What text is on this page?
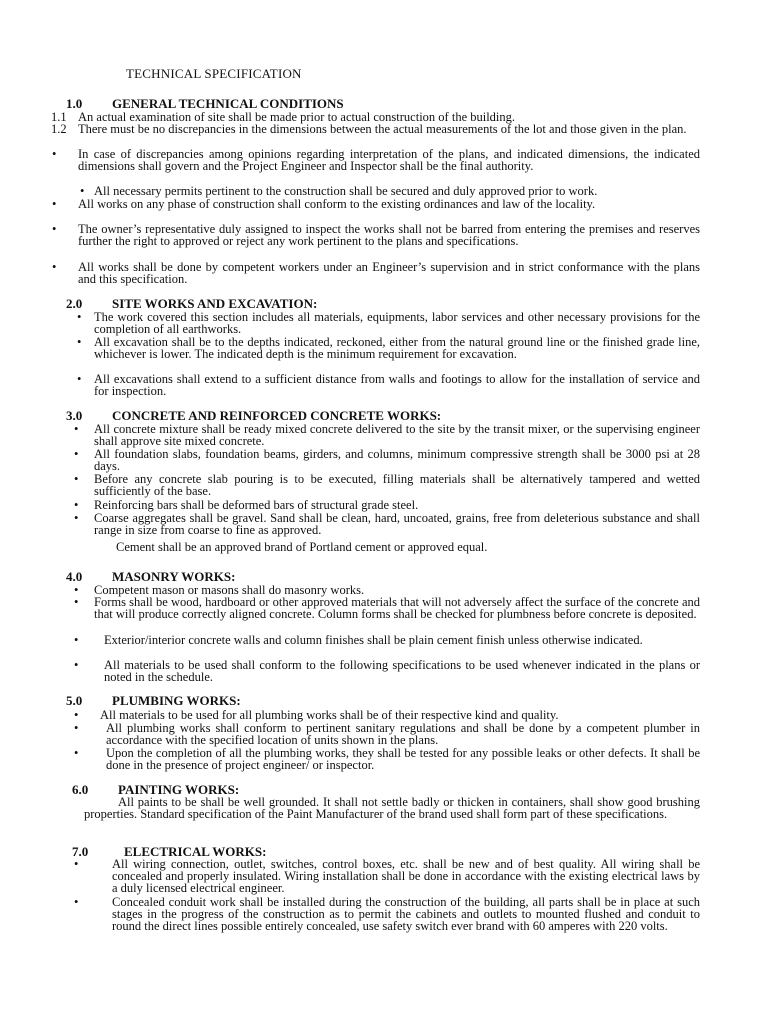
TECHNICAL SPECIFICATION
1.0 GENERAL TECHNICAL CONDITIONS
1.1 An actual examination of site shall be made prior to actual construction of the building.
1.2 There must be no discrepancies in the dimensions between the actual measurements of the lot and those given in the plan.
•	In case of discrepancies among opinions regarding interpretation of the plans, and indicated dimensions, the indicated dimensions shall govern and the Project Engineer and Inspector shall be the final authority.
• All necessary permits pertinent to the construction shall be secured and duly approved prior to work.
•	All works on any phase of construction shall conform to the existing ordinances and law of the locality.
•	The owner’s representative duly assigned to inspect the works shall not be barred from entering the premises and reserves further the right to approved or reject any work pertinent to the plans and specifications.
•	All works shall be done by competent workers under an Engineer’s supervision and in strict conformance with the plans and this specification.
2.0 SITE WORKS AND EXCAVATION:
•	The work covered this section includes all materials, equipments, labor services and other necessary provisions for the completion of all earthworks.
•	All excavation shall be to the depths indicated, reckoned, either from the natural ground line or the finished grade line, whichever is lower. The indicated depth is the minimum requirement for excavation.
•	All excavations shall extend to a sufficient distance from walls and footings to allow for the installation of service and for inspection.
3.0 CONCRETE AND REINFORCED CONCRETE WORKS:
•	All concrete mixture shall be ready mixed concrete delivered to the site by the transit mixer, or the supervising engineer shall approve site mixed concrete.
•	All foundation slabs, foundation beams, girders, and columns, minimum compressive strength shall be 3000 psi at 28 days.
•	Before any concrete slab pouring is to be executed, filling materials shall be alternatively tampered and wetted sufficiently of the base.
•	Reinforcing bars shall be deformed bars of structural grade steel.
•	Coarse aggregates shall be gravel. Sand shall be clean, hard, uncoated, grains, free from deleterious substance and shall range in size from coarse to fine as approved.
Cement shall be an approved brand of Portland cement or approved equal.
4.0 MASONRY WORKS:
•	Competent mason or masons shall do masonry works.
•	Forms shall be wood, hardboard or other approved materials that will not adversely affect the surface of the concrete and that will produce correctly aligned concrete. Column forms shall be checked for plumbness before concrete is deposited.
•	Exterior/interior concrete walls and column finishes shall be plain cement finish unless otherwise indicated.
•	All materials to be used shall conform to the following specifications to be used whenever indicated in the plans or noted in the schedule.
5.0 PLUMBING WORKS:
•	All materials to be used for all plumbing works shall be of their respective kind and quality.
•	All plumbing works shall conform to pertinent sanitary regulations and shall be done by a competent plumber in accordance with the specified location of units shown in the plans.
•	Upon the completion of all the plumbing works, they shall be tested for any possible leaks or other defects. It shall be done in the presence of project engineer/ or inspector.
6.0 PAINTING WORKS:
All paints to be shall be well grounded. It shall not settle badly or thicken in containers, shall show good brushing properties. Standard specification of the Paint Manufacturer of the brand used shall form part of these specifications.
7.0	ELECTRICAL WORKS:
•	All wiring connection, outlet, switches, control boxes, etc. shall be new and of best quality. All wiring shall be concealed and properly insulated. Wiring installation shall be done in accordance with the existing electrical laws by a duly licensed electrical engineer.
•	Concealed conduit work shall be installed during the construction of the building, all parts shall be in place at such stages in the progress of the construction as to permit the cabinets and outlets to mounted flushed and conduit to round the direct lines possible entirely concealed, use safety switch ever brand with 60 amperes with 220 volts.
